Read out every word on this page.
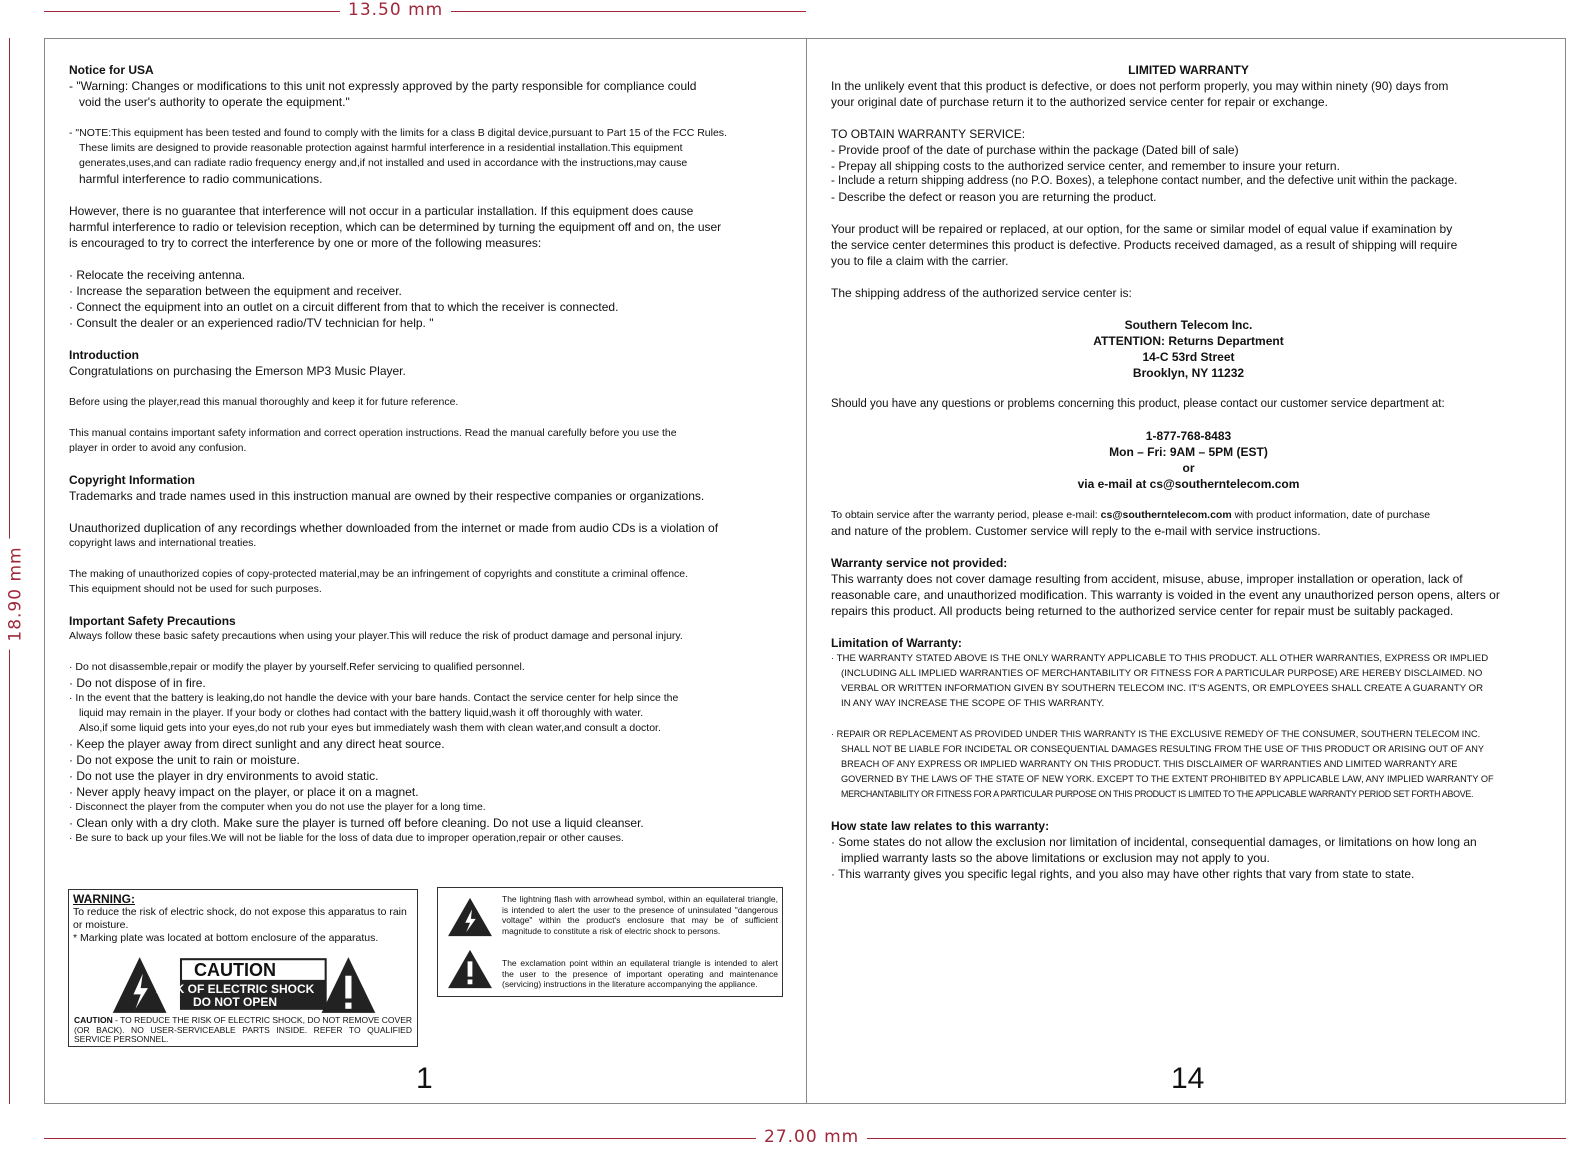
13.50 mm
18.90 mm
27.00 mm

Notice for USA

- "Warning: Changes or modifications to this unit not expressly approved by the party responsible for compliance could

void the user's authority to operate the equipment."

- "NOTE:This equipment has been tested and found to comply with the limits for a class B digital device,pursuant to Part 15 of the FCC Rules.

These limits are designed to provide reasonable protection against harmful interference in a residential installation.This equipment

generates,uses,and can radiate radio frequency energy and,if not installed and used in accordance with the instructions,may cause

harmful interference to radio communications.

However, there is no guarantee that interference will not occur in a particular installation. If this equipment does cause

harmful interference to radio or television reception, which can be determined by turning the equipment off and on, the user

is encouraged to try to correct the interference by one or more of the following measures:

· Relocate the receiving antenna.

· Increase the separation between the equipment and receiver.

· Connect the equipment into an outlet on a circuit different from that to which the receiver is connected.

· Consult the dealer or an experienced radio/TV technician for help. "

Introduction

Congratulations on purchasing the Emerson MP3 Music Player.

Before using the player,read this manual thoroughly and keep it for future reference.

This manual contains important safety information and correct operation instructions. Read the manual carefully before you use the

player in order to avoid any confusion.

Copyright Information

Trademarks and trade names used in this instruction manual are owned by their respective companies or organizations.

Unauthorized duplication of any recordings whether downloaded from the internet or made from audio CDs is a violation of

copyright laws and international treaties.

The making of unauthorized copies of copy-protected material,may be an infringement of copyrights and constitute a criminal offence.

This equipment should not be used for such purposes.

Important Safety Precautions

Always follow these basic safety precautions when using your player.This will reduce the risk of product damage and personal injury.

· Do not disassemble,repair or modify the player by yourself.Refer servicing to qualified personnel.

· Do not dispose of in fire.

· In the event that the battery is leaking,do not handle the device with your bare hands. Contact the service center for help since the

liquid may remain in the player. If your body or clothes had contact with the battery liquid,wash it off thoroughly with water.

Also,if some liquid gets into your eyes,do not rub your eyes but immediately wash them with clean water,and consult a doctor.

· Keep the player away from direct sunlight and any direct heat source.

· Do not expose the unit to rain or moisture.

· Do not use the player in dry environments to avoid static.

· Never apply heavy impact on the player, or place it on a magnet.

· Disconnect the player from the computer when you do not use the player for a long time.

· Clean only with a dry cloth. Make sure the player is turned off before cleaning. Do not use a liquid cleanser.

· Be sure to back up your files.We will not be liable for the loss of data due to improper operation,repair or other causes.

WARNING:
To reduce the risk of electric shock, do not expose this apparatus to rain or moisture.
* Marking plate was located at bottom enclosure of the apparatus.
CAUTION
RISK OF ELECTRIC SHOCK
DO NOT OPEN
CAUTION - TO REDUCE THE RISK OF ELECTRIC SHOCK, DO NOT REMOVE COVER (OR BACK). NO USER-SERVICEABLE PARTS INSIDE. REFER TO QUALIFIED SERVICE PERSONNEL.
The lightning flash with arrowhead symbol, within an equilateral triangle, is intended to alert the user to the presence of uninsulated "dangerous voltage" within the product's enclosure that may be of sufficient magnitude to constitute a risk of electric shock to persons.
The exclamation point within an equilateral triangle is intended to alert the user to the presence of important operating and maintenance (servicing) instructions in the literature accompanying the appliance.
1

LIMITED WARRANTY

In the unlikely event that this product is defective, or does not perform properly, you may within ninety (90) days from

your original date of purchase return it to the authorized service center for repair or exchange.

TO OBTAIN WARRANTY SERVICE:

- Provide proof of the date of purchase within the package (Dated bill of sale)

- Prepay all shipping costs to the authorized service center, and remember to insure your return.

- Include a return shipping address (no P.O. Boxes), a telephone contact number, and the defective unit within the package.

- Describe the defect or reason you are returning the product.

Your product will be repaired or replaced, at our option, for the same or similar model of equal value if examination by

the service center determines this product is defective. Products received damaged, as a result of shipping will require

you to file a claim with the carrier.

The shipping address of the authorized service center is:

Southern Telecom Inc.

ATTENTION: Returns Department

14-C 53rd Street

Brooklyn, NY 11232

Should you have any questions or problems concerning this product, please contact our customer service department at:

1-877-768-8483

Mon – Fri: 9AM – 5PM (EST)

or

via e-mail at cs@southerntelecom.com

To obtain service after the warranty period, please e-mail: cs@southerntelecom.com with product information, date of purchase

and nature of the problem. Customer service will reply to the e-mail with service instructions.

Warranty service not provided:

This warranty does not cover damage resulting from accident, misuse, abuse, improper installation or operation, lack of

reasonable care, and unauthorized modification. This warranty is voided in the event any unauthorized person opens, alters or

repairs this product. All products being returned to the authorized service center for repair must be suitably packaged.

Limitation of Warranty:

· THE WARRANTY STATED ABOVE IS THE ONLY WARRANTY APPLICABLE TO THIS PRODUCT. ALL OTHER WARRANTIES, EXPRESS OR IMPLIED

(INCLUDING ALL IMPLIED WARRANTIES OF MERCHANTABILITY OR FITNESS FOR A PARTICULAR PURPOSE) ARE HEREBY DISCLAIMED. NO

VERBAL OR WRITTEN INFORMATION GIVEN BY SOUTHERN TELECOM INC. IT'S AGENTS, OR EMPLOYEES SHALL CREATE A GUARANTY OR

IN ANY WAY INCREASE THE SCOPE OF THIS WARRANTY.

· REPAIR OR REPLACEMENT AS PROVIDED UNDER THIS WARRANTY IS THE EXCLUSIVE REMEDY OF THE CONSUMER, SOUTHERN TELECOM INC.

SHALL NOT BE LIABLE FOR INCIDETAL OR CONSEQUENTIAL DAMAGES RESULTING FROM THE USE OF THIS PRODUCT OR ARISING OUT OF ANY

BREACH OF ANY EXPRESS OR IMPLIED WARRANTY ON THIS PRODUCT. THIS DISCLAIMER OF WARRANTIES AND LIMITED WARRANTY ARE

GOVERNED BY THE LAWS OF THE STATE OF NEW YORK. EXCEPT TO THE EXTENT PROHIBITED BY APPLICABLE LAW, ANY IMPLIED WARRANTY OF

MERCHANTABILITY OR FITNESS FOR A PARTICULAR PURPOSE ON THIS PRODUCT IS LIMITED TO THE APPLICABLE WARRANTY PERIOD SET FORTH ABOVE.

How state law relates to this warranty:

· Some states do not allow the exclusion nor limitation of incidental, consequential damages, or limitations on how long an

implied warranty lasts so the above limitations or exclusion may not apply to you.

· This warranty gives you specific legal rights, and you also may have other rights that vary from state to state.

14
